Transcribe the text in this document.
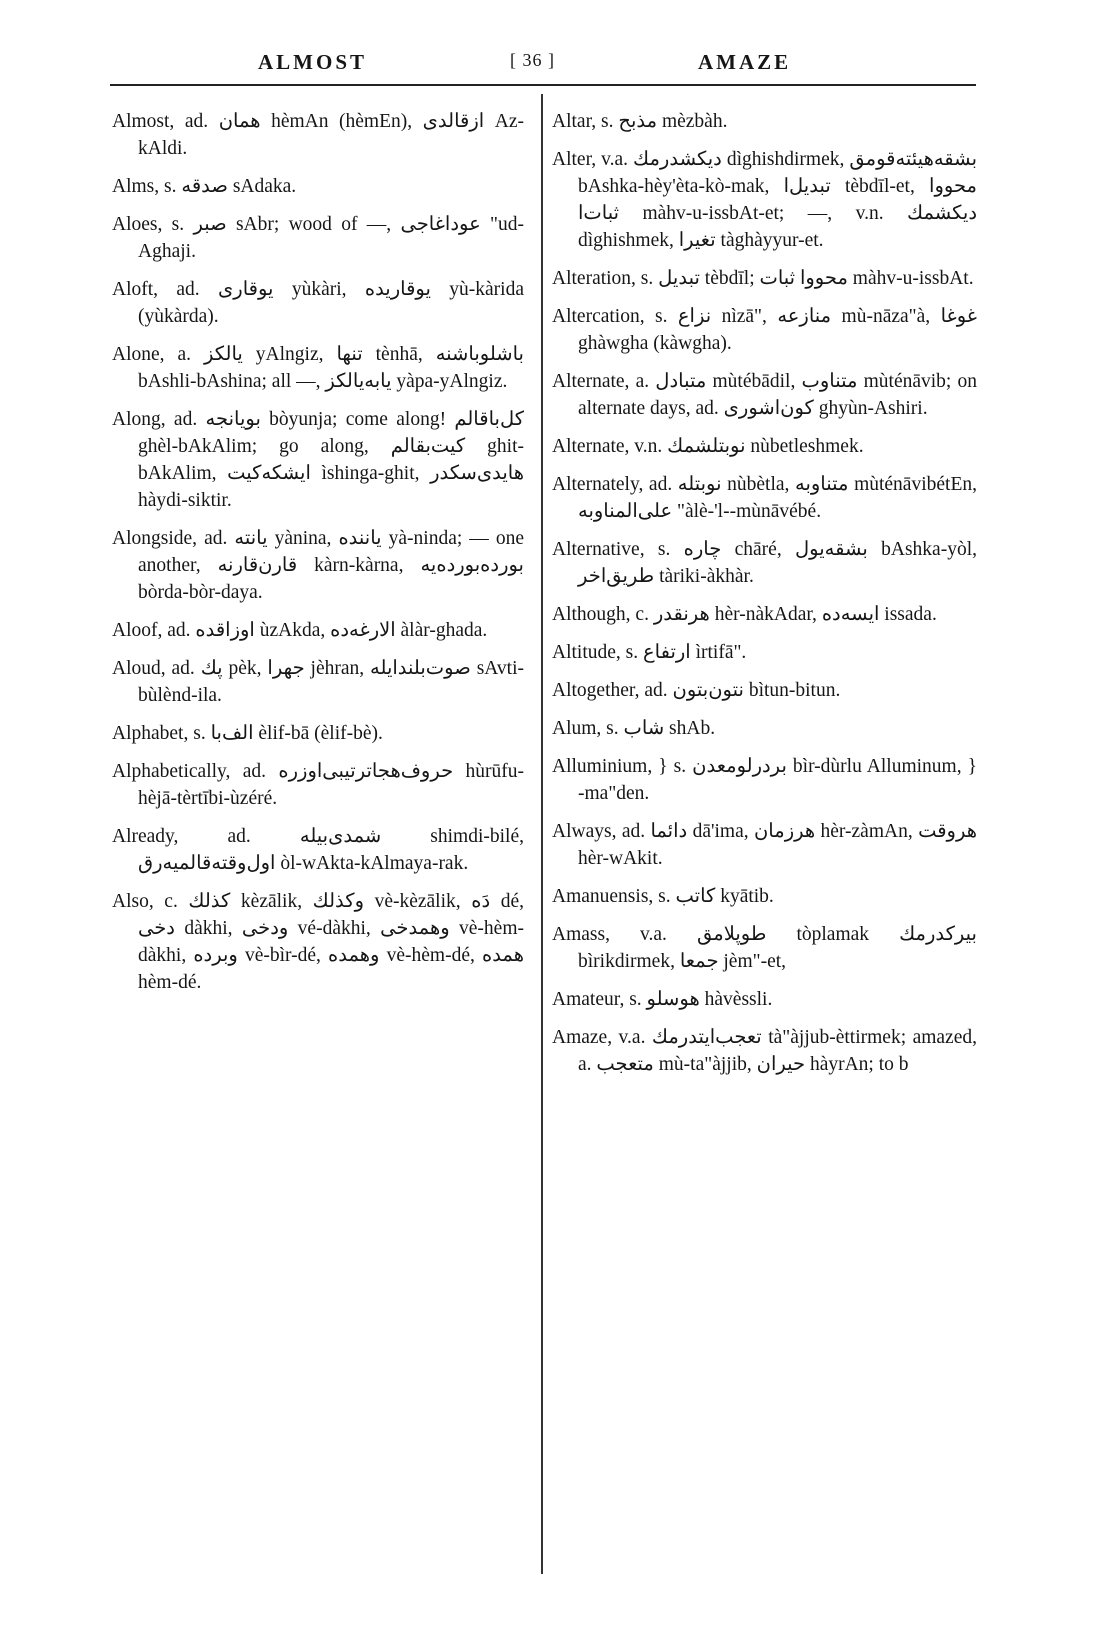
ALMOST	[ 36 ]	AMAZE
Almost, ad. همان hèmAn (hèmEn), ازقالدی Az-kAldi.
Alms, s. صدقه sAdaka.
Aloes, s. صبر sAbr; wood of —, عوداغاجی "ud-Aghaji.
Aloft, ad. يوقارى yùkàri, يوقاريده yù-kàrida (yùkàrda).
Alone, a. يالكز yAlngiz, تنها tènhā, باشلوباشنه bAshli-bAshina; all —, يابه‌يالكز yàpa-yAlngiz.
Along, ad. بويانجه bòyunja; come along! كل‌باقالم ghèl-bAkAlim; go along, كيت‌بقالم ghit-bAkAlim, ايشكه‌كيت ìshinga-ghit, هايدى‌سكدر hàydi-siktir.
Alongside, ad. يانته yànina, ياننده yà-ninda; — one another, قارن‌قارنه kàrn-kàrna, بورده‌بورده‌يه bòrda-bòr-daya.
Aloof, ad. اوزاقده ùzAkda, الارغه‌ده àlàr-ghada.
Aloud, ad. پك pèk, جهرا jèhran, صوت‌بلندايله sAvti-bùlènd-ila.
Alphabet, s. الف‌با èlif-bā (èlif-bè).
Alphabetically, ad. حروف‌هجاترتيبى‌اوزره hùrūfu-hèjā-tèrtībi-ùzéré.
Already, ad. شمدى‌بيله shimdi-bilé, اول‌وقته‌قالميه‌رق òl-wAkta-kAlmaya-rak.
Also, c. كذلك kèzālik, وكذلك vè-kèzālik, دَه dé, دخى dàkhi, ودخى vé-dàkhi, وهمدخى vè-hèm-dàkhi, وبرده vè-bìr-dé, وهمده vè-hèm-dé, همده hèm-dé.
Altar, s. مذبح mèzbàh.
Alter, v.a. ديكشدرمك dìghishdirmek, بشقه‌هيئته‌قومق bAshka-hèy'èta-kò-mak, تبديل‌ا tèbdīl-et, محووا ثبات‌ا màhv-u-issbAt-et; —, v.n. ديكشمك dìghishmek, تغيرا tàghàyyur-et.
Alteration, s. تبديل tèbdīl; محووا ثبات màhv-u-issbAt.
Altercation, s. نزاع nìzā", منازعه mù-nāza"à, غوغا ghàwgha (kàwgha).
Alternate, a. متبادل mùtébādil, متناوب mùténāvib; on alternate days, ad. كون‌اشورى ghyùn-Ashiri.
Alternate, v.n. نوبتلشمك nùbetleshmek.
Alternately, ad. نوبتله nùbètla, متناوبه mùténāvibétEn, على‌المناوبه "àlè-'l--mùnāvébé.
Alternative, s. چاره chāré, بشقه‌يول bAshka-yòl, طريق‌اخر tàriki-àkhàr.
Although, c. هرنقدر hèr-nàkAdar, ايسه‌ده issada.
Altitude, s. ارتفاع ìrtifā".
Altogether, ad. نتون‌بتون bìtun-bitun.
Alum, s. شاب shAb.
Alluminium, } s. بردرلومعدن bìr-dùrlu Alluminum, } -ma"den.
Always, ad. دائما dā'ima, هرزمان hèr-zàmAn, هروقت hèr-wAkit.
Amanuensis, s. كاتب kyātib.
Amass, v.a. طوپلامق tòplamak بيركدرمك bìrikdirmek, جمعا jèm"-et,
Amateur, s. هوسلو hàvèssli.
Amaze, v.a. تعجب‌ايتدرمك tà"àjjub-èttirmek; amazed, a. متعجب mù-ta"àjjib, حيران hàyrAn; to b
